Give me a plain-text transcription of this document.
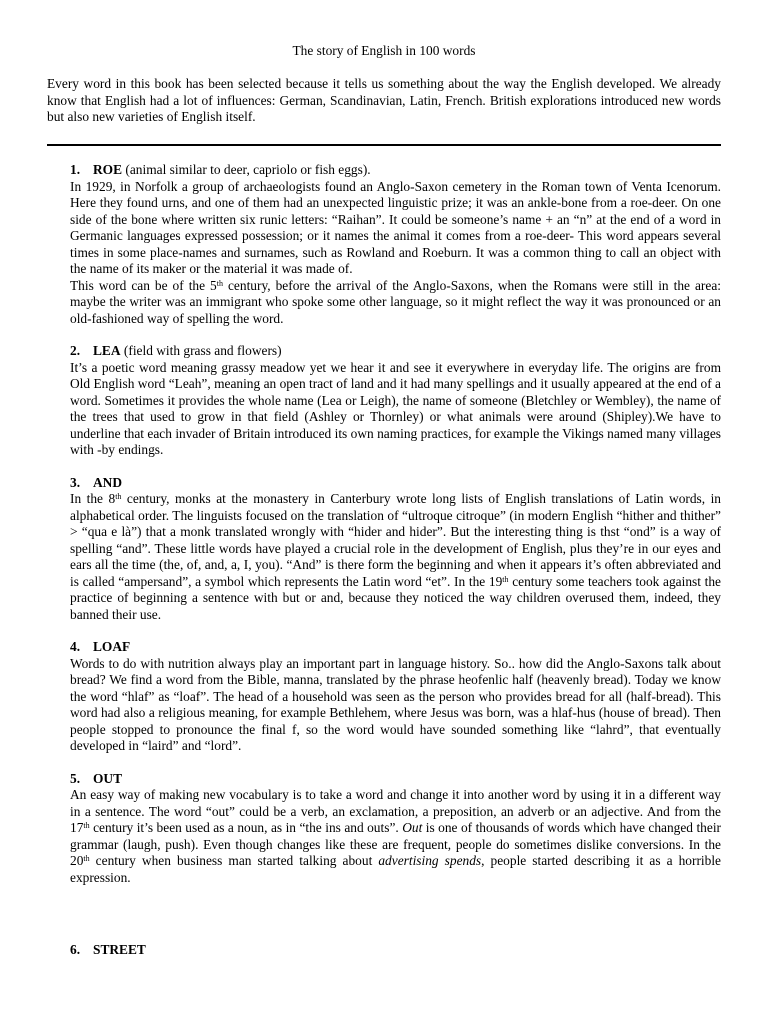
The story of English in 100 words

Every word in this book has been selected because it tells us something about the way the English developed. We already know that English had a lot of influences: German, Scandinavian, Latin, French. British explorations introduced new words but also new varieties of English itself.

1. ROE (animal similar to deer, capriolo or fish eggs).

In 1929, in Norfolk a group of archaeologists found an Anglo-Saxon cemetery in the Roman town of Venta Icenorum. Here they found urns, and one of them had an unexpected linguistic prize; it was an ankle-bone from a roe-deer. On one side of the bone where written six runic letters: “Raihan”. It could be someone’s name + an “n” at the end of a word in Germanic languages expressed possession; or it names the animal it comes from a roe-deer- This word appears several times in some place-names and surnames, such as Rowland and Roeburn. It was a common thing to call an object with the name of its maker or the material it was made of.

This word can be of the 5th century, before the arrival of the Anglo-Saxons, when the Romans were still in the area: maybe the writer was an immigrant who spoke some other language, so it might reflect the way it was pronounced or an old-fashioned way of spelling the word.

2. LEA (field with grass and flowers)

It’s a poetic word meaning grassy meadow yet we hear it and see it everywhere in everyday life. The origins are from Old English word “Leah”, meaning an open tract of land and it had many spellings and it usually appeared at the end of a word. Sometimes it provides the whole name (Lea or Leigh), the name of someone (Bletchley or Wembley), the name of the trees that used to grow in that field (Ashley or Thornley) or what animals were around (Shipley).We have to underline that each invader of Britain introduced its own naming practices, for example the Vikings named many villages with -by endings.

3. AND

In the 8th century, monks at the monastery in Canterbury wrote long lists of English translations of Latin words, in alphabetical order. The linguists focused on the translation of “ultroque citroque” (in modern English “hither and thither” > “qua e là”) that a monk translated wrongly with “hider and hider”. But the interesting thing is thst “ond” is a way of spelling “and”. These little words have played a crucial role in the development of English, plus they’re in our eyes and ears all the time (the, of, and, a, I, you). “And” is there form the beginning and when it appears it’s often abbreviated and is called “ampersand”, a symbol which represents the Latin word “et”. In the 19th century some teachers took against the practice of beginning a sentence with but or and, because they noticed the way children overused them, indeed, they banned their use.

4. LOAF

Words to do with nutrition always play an important part in language history. So.. how did the Anglo-Saxons talk about bread? We find a word from the Bible, manna, translated by the phrase heofenlic half (heavenly bread). Today we know the word “hlaf” as “loaf”. The head of a household was seen as the person who provides bread for all (half-bread). This word had also a religious meaning, for example Bethlehem, where Jesus was born, was a hlaf-hus (house of bread). Then people stopped to pronounce the final f, so the word would have sounded something like “lahrd”, that eventually developed in “laird” and “lord”.

5. OUT

An easy way of making new vocabulary is to take a word and change it into another word by using it in a different way in a sentence. The word “out” could be a verb, an exclamation, a preposition, an adverb or an adjective. And from the 17th century it’s been used as a noun, as in “the ins and outs”. Out is one of thousands of words which have changed their grammar (laugh, push). Even though changes like these are frequent, people do sometimes dislike conversions. In the 20th century when business man started talking about advertising spends, people started describing it as a horrible expression.

6. STREET
